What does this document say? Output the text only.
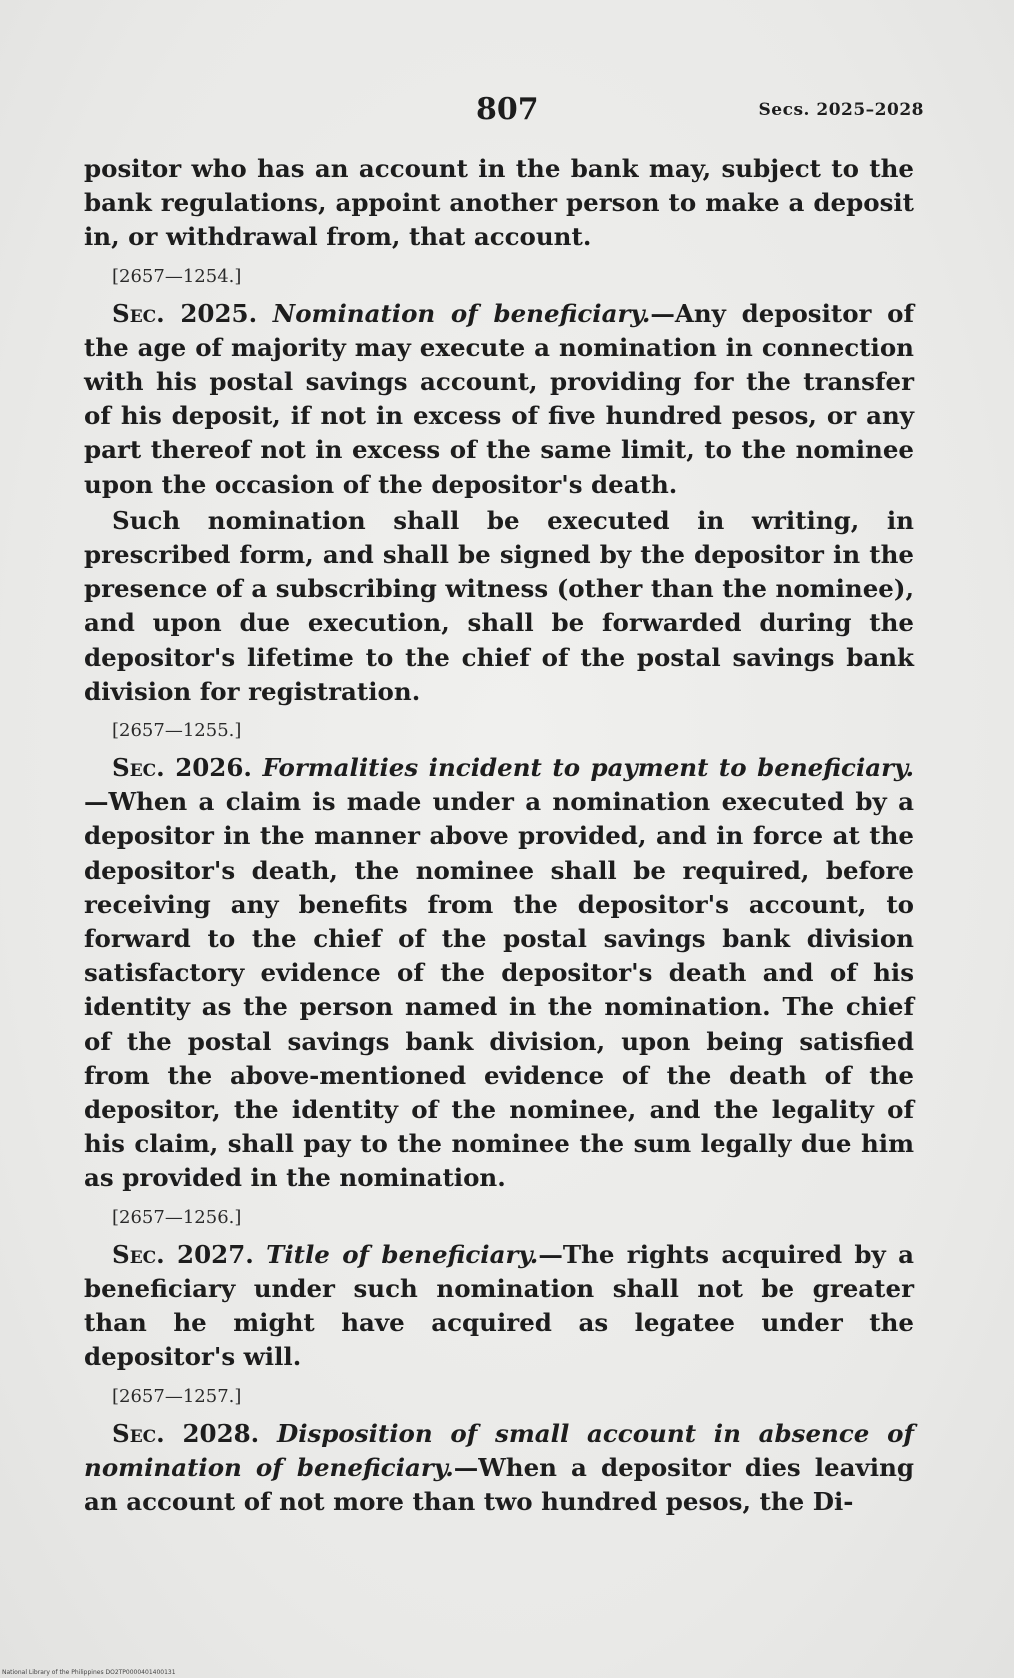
807	Secs. 2025–2028

positor who has an account in the bank may, subject to the bank regulations, appoint another person to make a deposit in, or withdrawal from, that account.

[2657—1254.]

Sec. 2025. Nomination of beneficiary.—Any depositor of the age of majority may execute a nomination in connection with his postal savings account, providing for the transfer of his deposit, if not in excess of five hundred pesos, or any part thereof not in excess of the same limit, to the nominee upon the occasion of the depositor's death.

Such nomination shall be executed in writing, in prescribed form, and shall be signed by the depositor in the presence of a subscribing witness (other than the nominee), and upon due execution, shall be forwarded during the depositor's lifetime to the chief of the postal savings bank division for registration.

[2657—1255.]

Sec. 2026. Formalities incident to payment to beneficiary.—When a claim is made under a nomination executed by a depositor in the manner above provided, and in force at the depositor's death, the nominee shall be required, before receiving any benefits from the depositor's account, to forward to the chief of the postal savings bank division satisfactory evidence of the depositor's death and of his identity as the person named in the nomination. The chief of the postal savings bank division, upon being satisfied from the above-mentioned evidence of the death of the depositor, the identity of the nominee, and the legality of his claim, shall pay to the nominee the sum legally due him as provided in the nomination.

[2657—1256.]

Sec. 2027. Title of beneficiary.—The rights acquired by a beneficiary under such nomination shall not be greater than he might have acquired as legatee under the depositor's will.

[2657—1257.]

Sec. 2028. Disposition of small account in absence of nomination of beneficiary.—When a depositor dies leaving an account of not more than two hundred pesos, the Di-

National Library of the Philippines DO2TP0000401400131
